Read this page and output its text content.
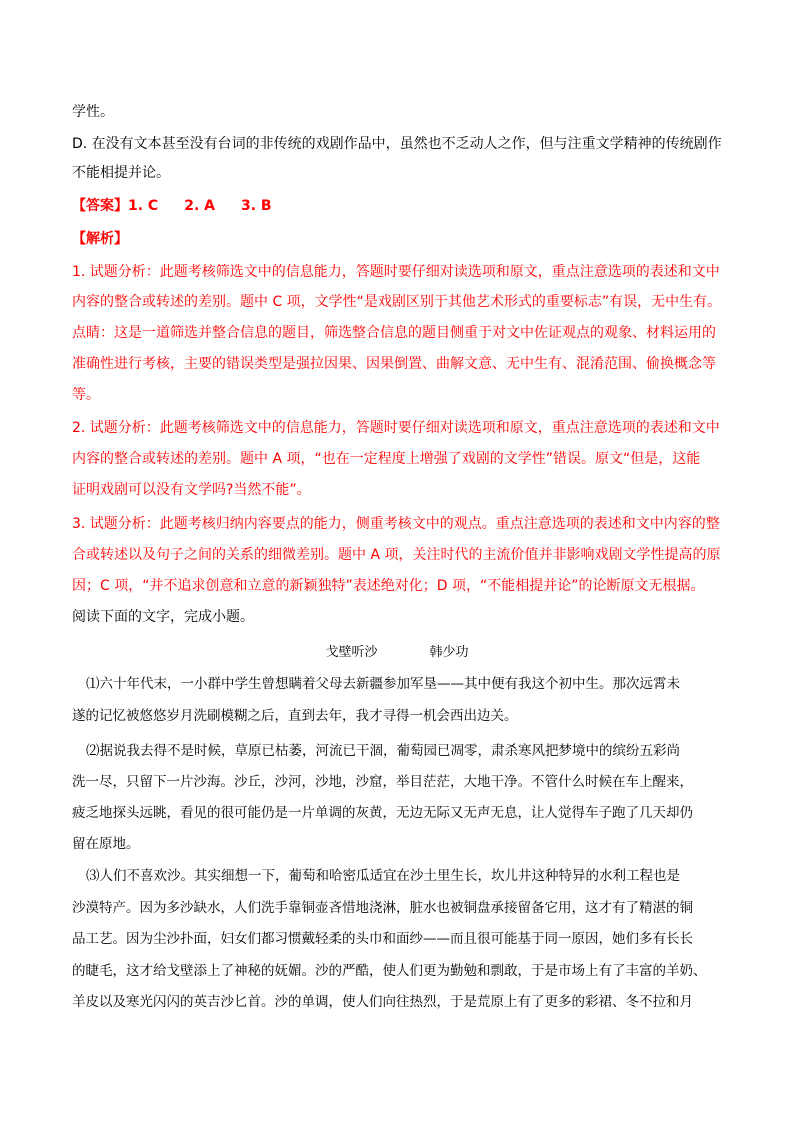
学性。
D. 在没有文本甚至没有台词的非传统的戏剧作品中，虽然也不乏动人之作，但与注重文学精神的传统剧作
不能相提并论。
【答案】1. C 2. A 3. B
【解析】
1. 试题分析：此题考核筛选文中的信息能力，答题时要仔细对读选项和原文，重点注意选项的表述和文中
内容的整合或转述的差别。题中 C 项，文学性“是戏剧区别于其他艺术形式的重要标志”有误，无中生有。
点睛：这是一道筛选并整合信息的题目，筛选整合信息的题目侧重于对文中佐证观点的观象、材料运用的
准确性进行考核，主要的错误类型是强拉因果、因果倒置、曲解文意、无中生有、混淆范围、偷换概念等
等。
2. 试题分析：此题考核筛选文中的信息能力，答题时要仔细对读选项和原文，重点注意选项的表述和文中
内容的整合或转述的差别。题中 A 项，“也在一定程度上增强了戏剧的文学性”错误。原文“但是，这能
证明戏剧可以没有文学吗?当然不能”。
3. 试题分析：此题考核归纳内容要点的能力，侧重考核文中的观点。重点注意选项的表述和文中内容的整
合或转述以及句子之间的关系的细微差别。题中 A 项，关注时代的主流价值并非影响戏剧文学性提高的原
因；C 项，“并不追求创意和立意的新颖独特”表述绝对化；D 项，“不能相提并论”的论断原文无根据。
阅读下面的文字，完成小题。
戈壁听沙	韩少功
⑴六十年代末，一小群中学生曾想瞒着父母去新疆参加军垦——其中便有我这个初中生。那次远霄未
遂的记忆被悠悠岁月洗刷模糊之后，直到去年，我才寻得一机会西出边关。
⑵据说我去得不是时候，草原已枯萎，河流已干涸，葡萄园已凋零，肃杀寒风把梦境中的缤纷五彩尚
洗一尽，只留下一片沙海。沙丘，沙河，沙地，沙窟，举目茫茫，大地干净。不管什么时候在车上醒来，
疲乏地探头远眺，看见的很可能仍是一片单调的灰黄，无边无际又无声无息，让人觉得车子跑了几天却仍
留在原地。
⑶人们不喜欢沙。其实细想一下，葡萄和哈密瓜适宜在沙土里生长，坎儿井这种特异的水利工程也是
沙漠特产。因为多沙缺水，人们洗手靠铜壶吝惜地浇淋，脏水也被铜盘承接留备它用，这才有了精湛的铜
品工艺。因为尘沙扑面，妇女们都习惯戴轻柔的头巾和面纱——而且很可能基于同一原因，她们多有长长
的睫毛，这才给戈壁添上了神秘的妩媚。沙的严酷，使人们更为勤勉和剽敢，于是市场上有了丰富的羊奶、
羊皮以及寒光闪闪的英吉沙匕首。沙的单调，使人们向往热烈，于是荒原上有了更多的彩裙、冬不拉和月
